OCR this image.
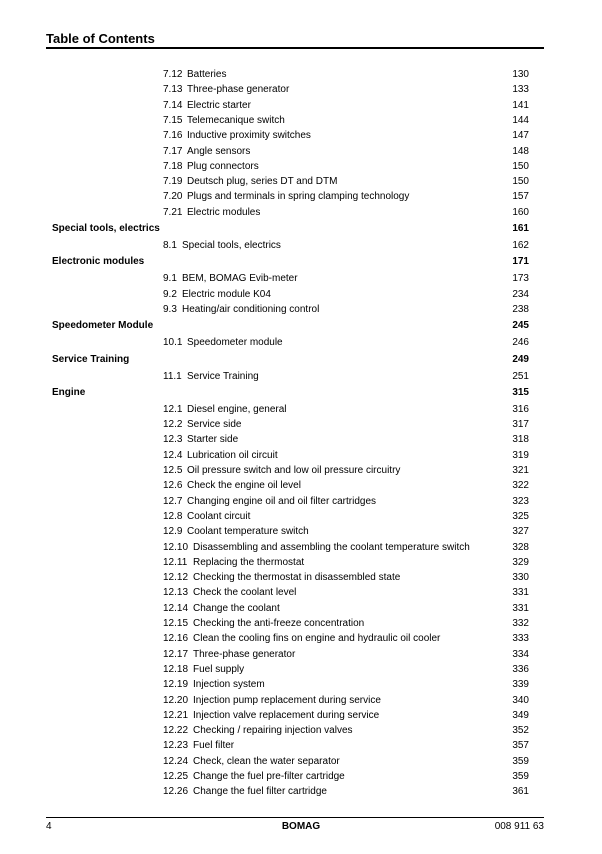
Table of Contents
7.12 Batteries	130
7.13 Three-phase generator	133
7.14 Electric starter	141
7.15 Telemecanique switch	144
7.16 Inductive proximity switches	147
7.17 Angle sensors	148
7.18 Plug connectors	150
7.19 Deutsch plug, series DT and DTM	150
7.20 Plugs and terminals in spring clamping technology	157
7.21 Electric modules	160
Special tools, electrics	161
8.1 Special tools, electrics	162
Electronic modules	171
9.1 BEM, BOMAG Evib-meter	173
9.2 Electric module K04	234
9.3 Heating/air conditioning control	238
Speedometer Module	245
10.1 Speedometer module	246
Service Training	249
11.1 Service Training	251
Engine	315
12.1 Diesel engine, general	316
12.2 Service side	317
12.3 Starter side	318
12.4 Lubrication oil circuit	319
12.5 Oil pressure switch and low oil pressure circuitry	321
12.6 Check the engine oil level	322
12.7 Changing engine oil and oil filter cartridges	323
12.8 Coolant circuit	325
12.9 Coolant temperature switch	327
12.10 Disassembling and assembling the coolant temperature switch	328
12.11 Replacing the thermostat	329
12.12 Checking the thermostat in disassembled state	330
12.13 Check the coolant level	331
12.14 Change the coolant	331
12.15 Checking the anti-freeze concentration	332
12.16 Clean the cooling fins on engine and hydraulic oil cooler	333
12.17 Three-phase generator	334
12.18 Fuel supply	336
12.19 Injection system	339
12.20 Injection pump replacement during service	340
12.21 Injection valve replacement during service	349
12.22 Checking / repairing injection valves	352
12.23 Fuel filter	357
12.24 Check, clean the water separator	359
12.25 Change the fuel pre-filter cartridge	359
12.26 Change the fuel filter cartridge	361
4	BOMAG	008 911 63
